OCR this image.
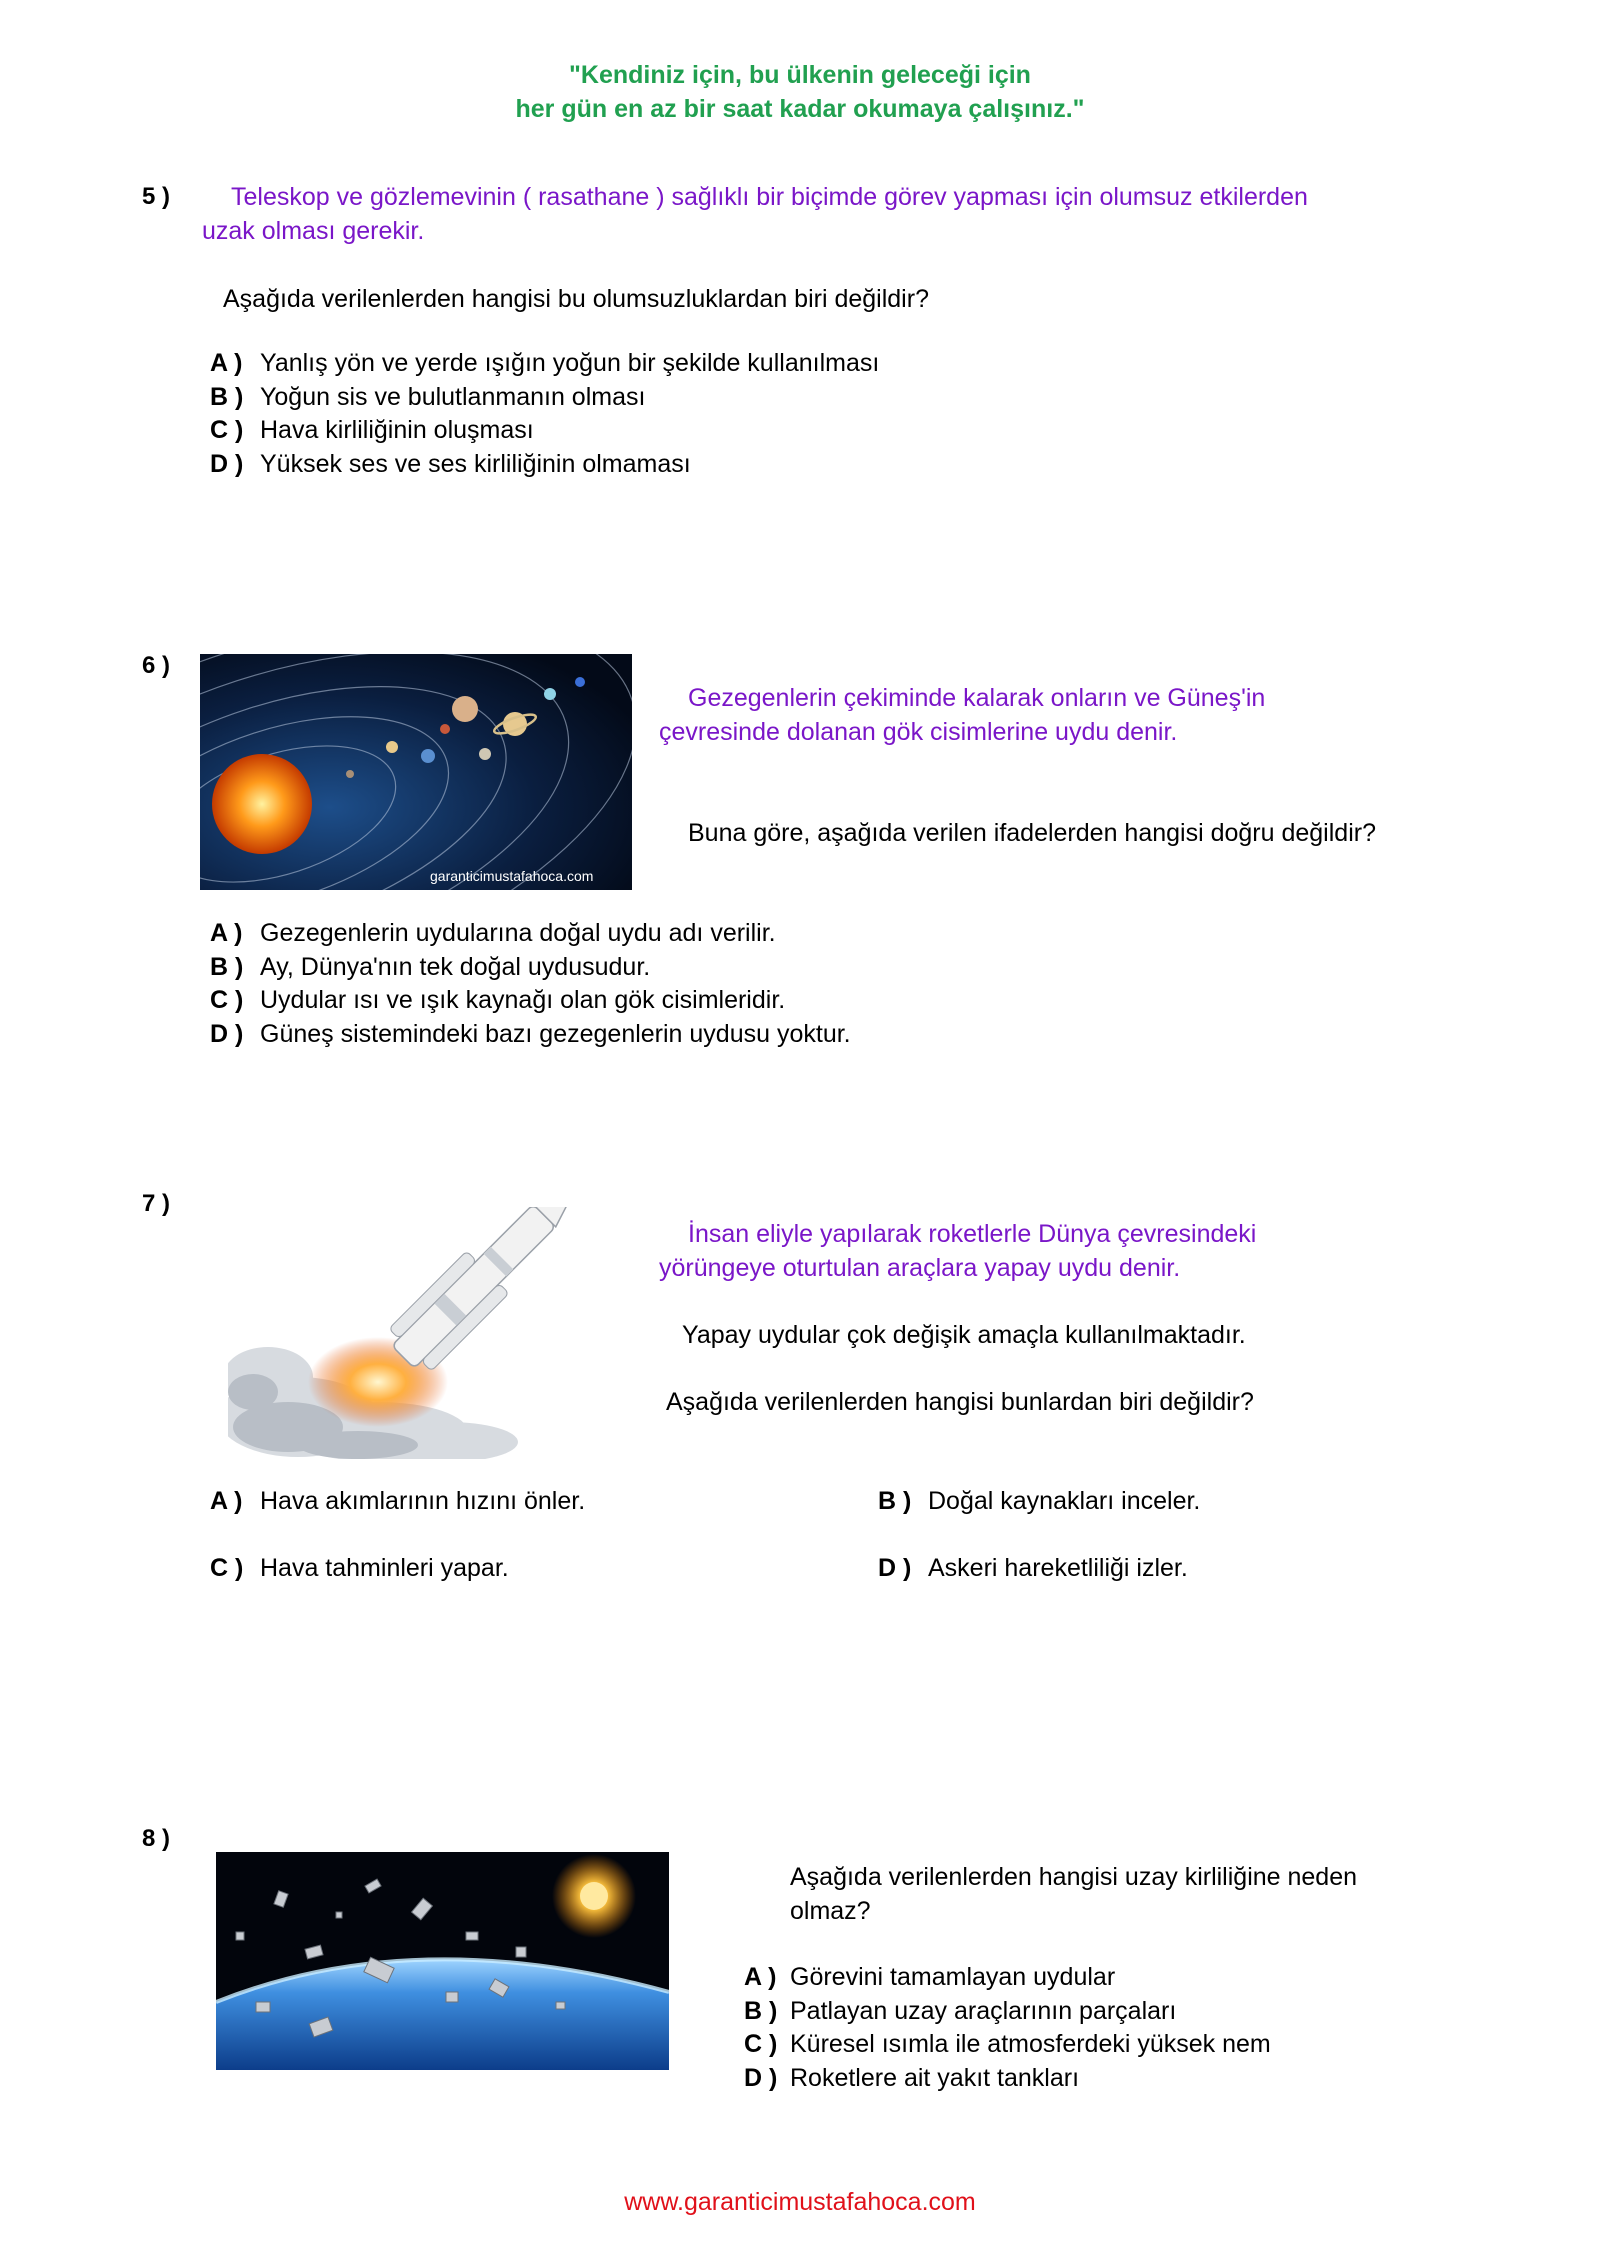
"Kendiniz için, bu ülkenin geleceği için
her gün en az bir saat kadar okumaya çalışınız."
5 ) Teleskop ve gözlemevinin ( rasathane ) sağlıklı bir biçimde görev yapması için olumsuz etkilerden
uzak olması gerekir.
Aşağıda verilenlerden hangisi bu olumsuzluklardan biri değildir?
A ) Yanlış yön ve yerde ışığın yoğun bir şekilde kullanılması
B ) Yoğun sis ve bulutlanmanın olması
C ) Hava kirliliğinin oluşması
D ) Yüksek ses ve ses kirliliğinin olmaması
6 )
garanticimustafahoca.com
Gezegenlerin çekiminde kalarak onların ve Güneş'in
çevresinde dolanan gök cisimlerine uydu denir.
Buna göre, aşağıda verilen ifadelerden hangisi doğru değildir?
A ) Gezegenlerin uydularına doğal uydu adı verilir.
B ) Ay, Dünya'nın tek doğal uydusudur.
C ) Uydular ısı ve ışık kaynağı olan gök cisimleridir.
D ) Güneş sistemindeki bazı gezegenlerin uydusu yoktur.
7 )
İnsan eliyle yapılarak roketlerle Dünya çevresindeki
yörüngeye oturtulan araçlara yapay uydu denir.
Yapay uydular çok değişik amaçla kullanılmaktadır.
Aşağıda verilenlerden hangisi bunlardan biri değildir?
A ) Hava akımlarının hızını önler.	B ) Doğal kaynakları inceler.
C ) Hava tahminleri yapar.	D ) Askeri hareketliliği izler.
8 )
Aşağıda verilenlerden hangisi uzay kirliliğine neden
olmaz?
A ) Görevini tamamlayan uydular
B ) Patlayan uzay araçlarının parçaları
C ) Küresel ısımla ile atmosferdeki yüksek nem
D ) Roketlere ait yakıt tankları
www.garanticimustafahoca.com
